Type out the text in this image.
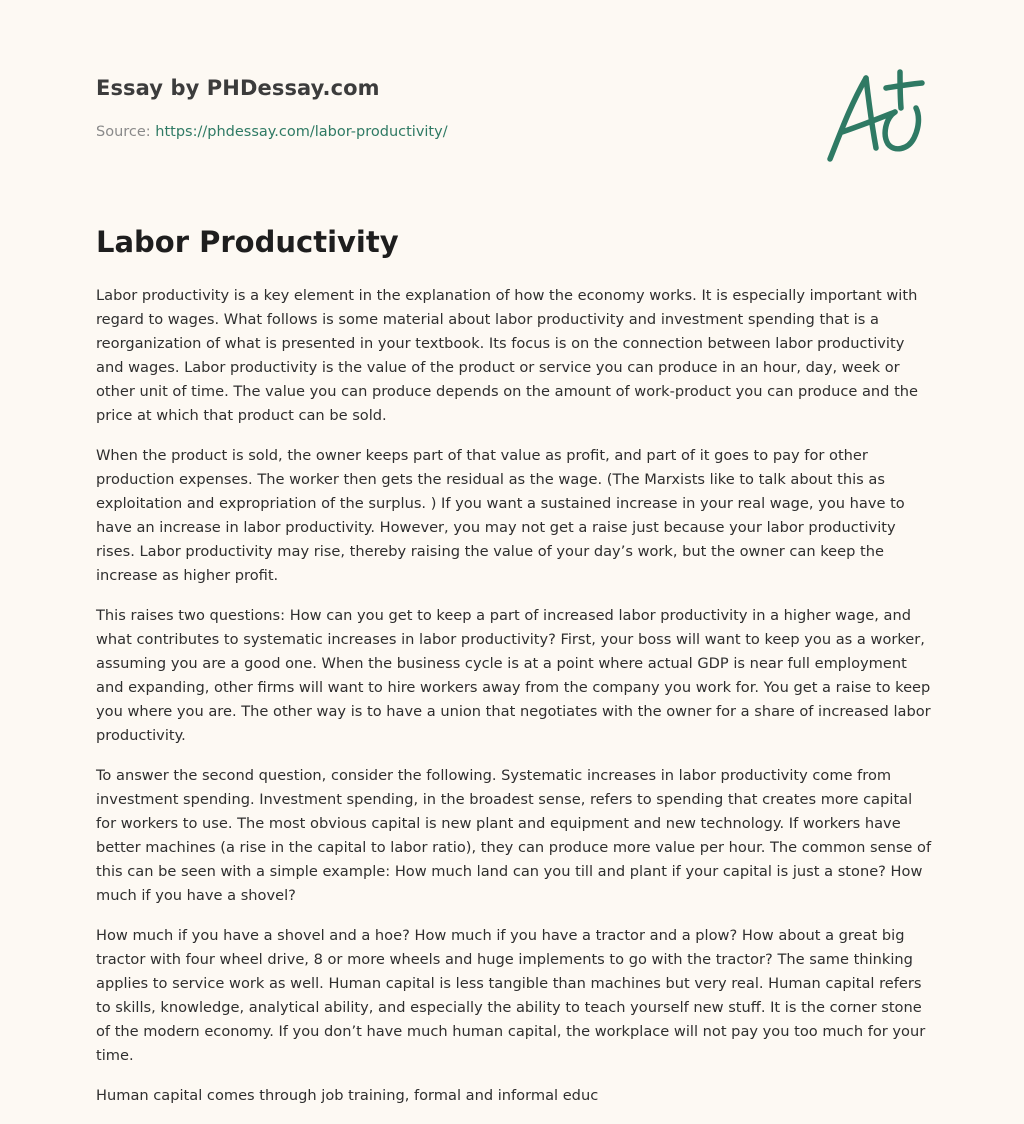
Essay by PHDessay.com
Source: https://phdessay.com/labor-productivity/
Labor Productivity

Labor productivity is a key element in the explanation of how the economy works. It is especially important with regard to wages. What follows is some material about labor productivity and investment spending that is a reorganization of what is presented in your textbook. Its focus is on the connection between labor productivity and wages. Labor productivity is the value of the product or service you can produce in an hour, day, week or other unit of time. The value you can produce depends on the amount of work-product you can produce and the price at which that product can be sold.

When the product is sold, the owner keeps part of that value as profit, and part of it goes to pay for other production expenses. The worker then gets the residual as the wage. (The Marxists like to talk about this as exploitation and expropriation of the surplus. ) If you want a sustained increase in your real wage, you have to have an increase in labor productivity. However, you may not get a raise just because your labor productivity rises. Labor productivity may rise, thereby raising the value of your day’s work, but the owner can keep the increase as higher profit.

This raises two questions: How can you get to keep a part of increased labor productivity in a higher wage, and what contributes to systematic increases in labor productivity? First, your boss will want to keep you as a worker, assuming you are a good one. When the business cycle is at a point where actual GDP is near full employment and expanding, other firms will want to hire workers away from the company you work for. You get a raise to keep you where you are. The other way is to have a union that negotiates with the owner for a share of increased labor productivity.

To answer the second question, consider the following. Systematic increases in labor productivity come from investment spending. Investment spending, in the broadest sense, refers to spending that creates more capital for workers to use. The most obvious capital is new plant and equipment and new technology. If workers have better machines (a rise in the capital to labor ratio), they can produce more value per hour. The common sense of this can be seen with a simple example: How much land can you till and plant if your capital is just a stone? How much if you have a shovel?

How much if you have a shovel and a hoe? How much if you have a tractor and a plow? How about a great big tractor with four wheel drive, 8 or more wheels and huge implements to go with the tractor? The same thinking applies to service work as well. Human capital is less tangible than machines but very real. Human capital refers to skills, knowledge, analytical ability, and especially the ability to teach yourself new stuff. It is the corner stone of the modern economy. If you don’t have much human capital, the workplace will not pay you too much for your time.

Human capital comes through job training, formal and informal educ
